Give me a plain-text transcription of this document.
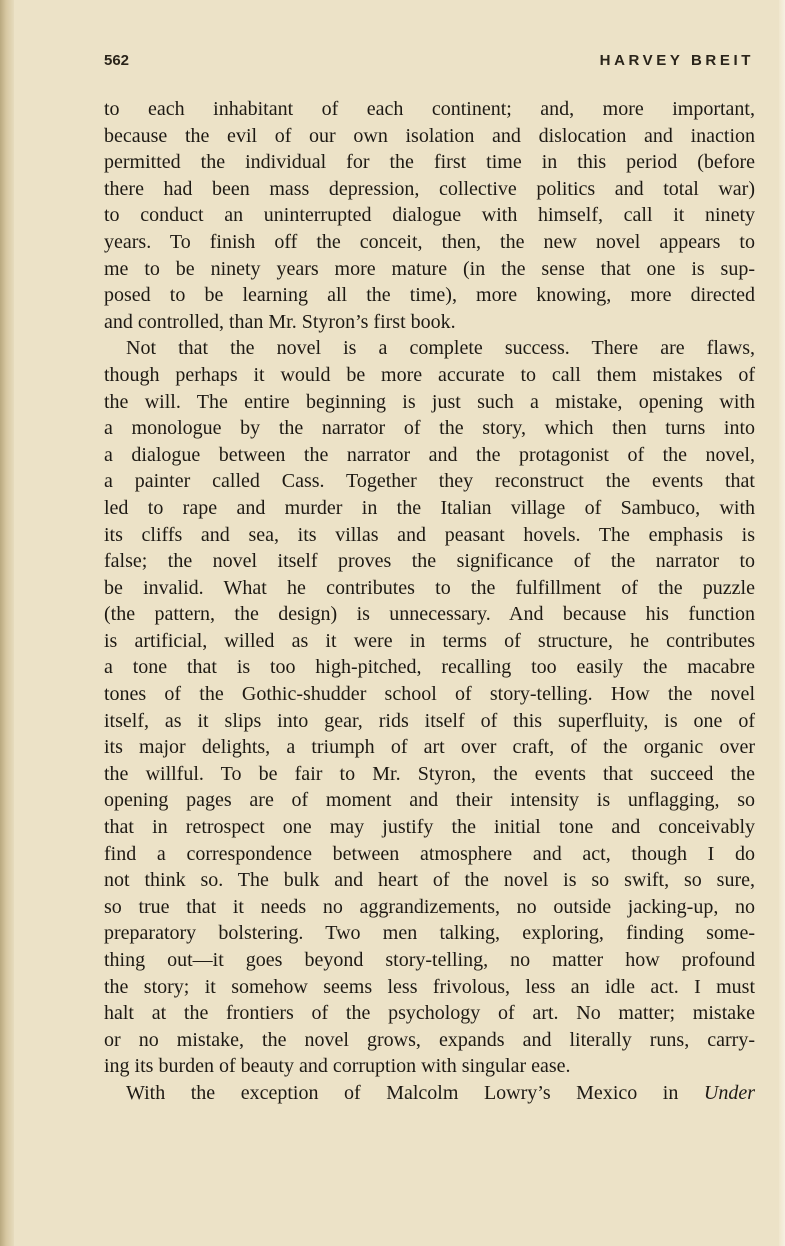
562	HARVEY BREIT
to each inhabitant of each continent; and, more important,
because the evil of our own isolation and dislocation and inaction
permitted the individual for the first time in this period (before
there had been mass depression, collective politics and total war)
to conduct an uninterrupted dialogue with himself, call it ninety
years. To finish off the conceit, then, the new novel appears to
me to be ninety years more mature (in the sense that one is sup-
posed to be learning all the time), more knowing, more directed
and controlled, than Mr. Styron’s first book.
Not that the novel is a complete success. There are flaws,
though perhaps it would be more accurate to call them mistakes of
the will. The entire beginning is just such a mistake, opening with
a monologue by the narrator of the story, which then turns into
a dialogue between the narrator and the protagonist of the novel,
a painter called Cass. Together they reconstruct the events that
led to rape and murder in the Italian village of Sambuco, with
its cliffs and sea, its villas and peasant hovels. The emphasis is
false; the novel itself proves the significance of the narrator to
be invalid. What he contributes to the fulfillment of the puzzle
(the pattern, the design) is unnecessary. And because his function
is artificial, willed as it were in terms of structure, he contributes
a tone that is too high-pitched, recalling too easily the macabre
tones of the Gothic-shudder school of story-telling. How the novel
itself, as it slips into gear, rids itself of this superfluity, is one of
its major delights, a triumph of art over craft, of the organic over
the willful. To be fair to Mr. Styron, the events that succeed the
opening pages are of moment and their intensity is unflagging, so
that in retrospect one may justify the initial tone and conceivably
find a correspondence between atmosphere and act, though I do
not think so. The bulk and heart of the novel is so swift, so sure,
so true that it needs no aggrandizements, no outside jacking-up, no
preparatory bolstering. Two men talking, exploring, finding some-
thing out—it goes beyond story-telling, no matter how profound
the story; it somehow seems less frivolous, less an idle act. I must
halt at the frontiers of the psychology of art. No matter; mistake
or no mistake, the novel grows, expands and literally runs, carry-
ing its burden of beauty and corruption with singular ease.
With the exception of Malcolm Lowry’s Mexico in Under
